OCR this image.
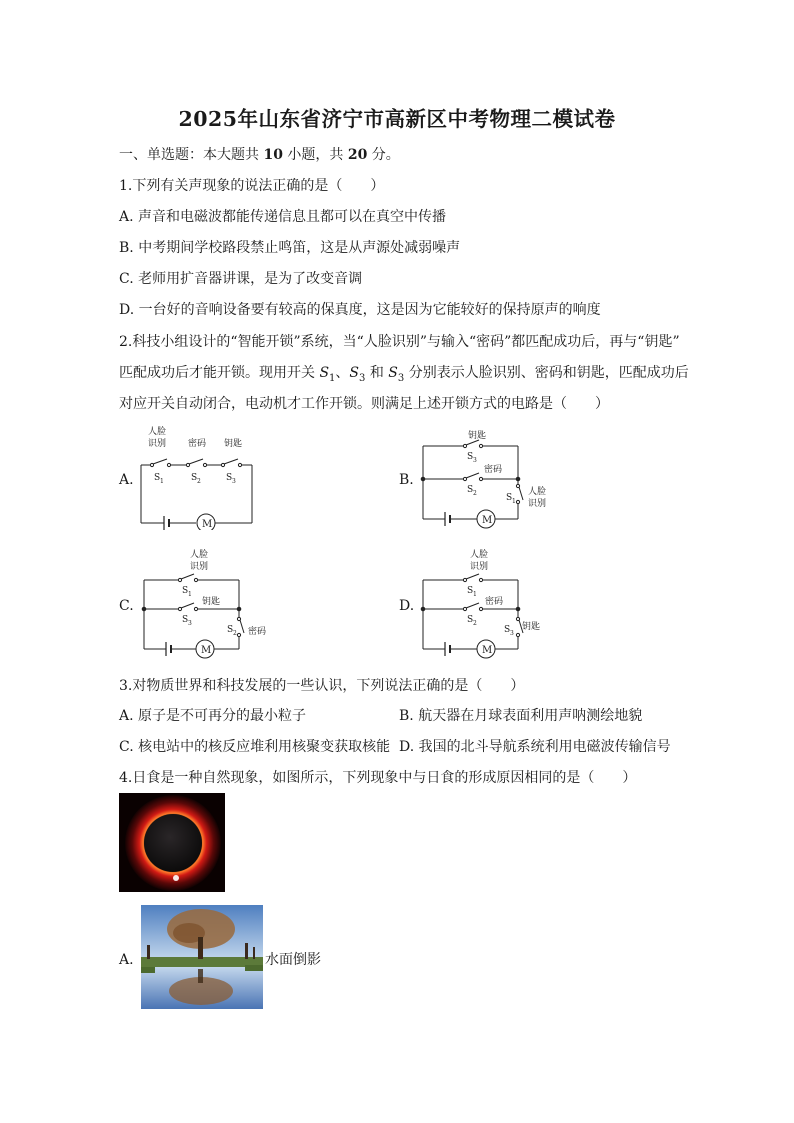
2025年山东省济宁市高新区中考物理二模试卷
一、单选题：本大题共 10 小题，共 20 分。
1.下列有关声现象的说法正确的是（　　）
A. 声音和电磁波都能传递信息且都可以在真空中传播
B. 中考期间学校路段禁止鸣笛，这是从声源处减弱噪声
C. 老师用扩音器讲课，是为了改变音调
D. 一台好的音响设备要有较高的保真度，这是因为它能较好的保持原声的响度
2.科技小组设计的“智能开锁”系统，当“人脸识别”与输入“密码”都匹配成功后，再与“钥匙”
匹配成功后才能开锁。现用开关 $S_1$、$S_3$ 和 $S_3$ 分别表示人脸识别、密码和钥匙，匹配成功后
对应开关自动闭合，电动机才工作开锁。则满足上述开锁方式的电路是（　　）
A.
M
人脸
识别 密码 钥匙
S 1	S 2	S 3	B.
M
钥匙
S 3
密码
S 2	S 1
人脸
识别
C.
M
人脸
识别
S 1
钥匙
S 3
S 2 密码
D.
M
人脸
识别
S 1
密码
S 2
S 3
钥匙
3.对物质世界和科技发展的一些认识，下列说法正确的是（　　）
A. 原子是不可再分的最小粒子	B. 航天器在月球表面利用声呐测绘地貌
C. 核电站中的核反应堆利用核聚变获取核能 D. 我国的北斗导航系统利用电磁波传输信号
4.日食是一种自然现象，如图所示，下列现象中与日食的形成原因相同的是（　　）
A.	水面倒影
